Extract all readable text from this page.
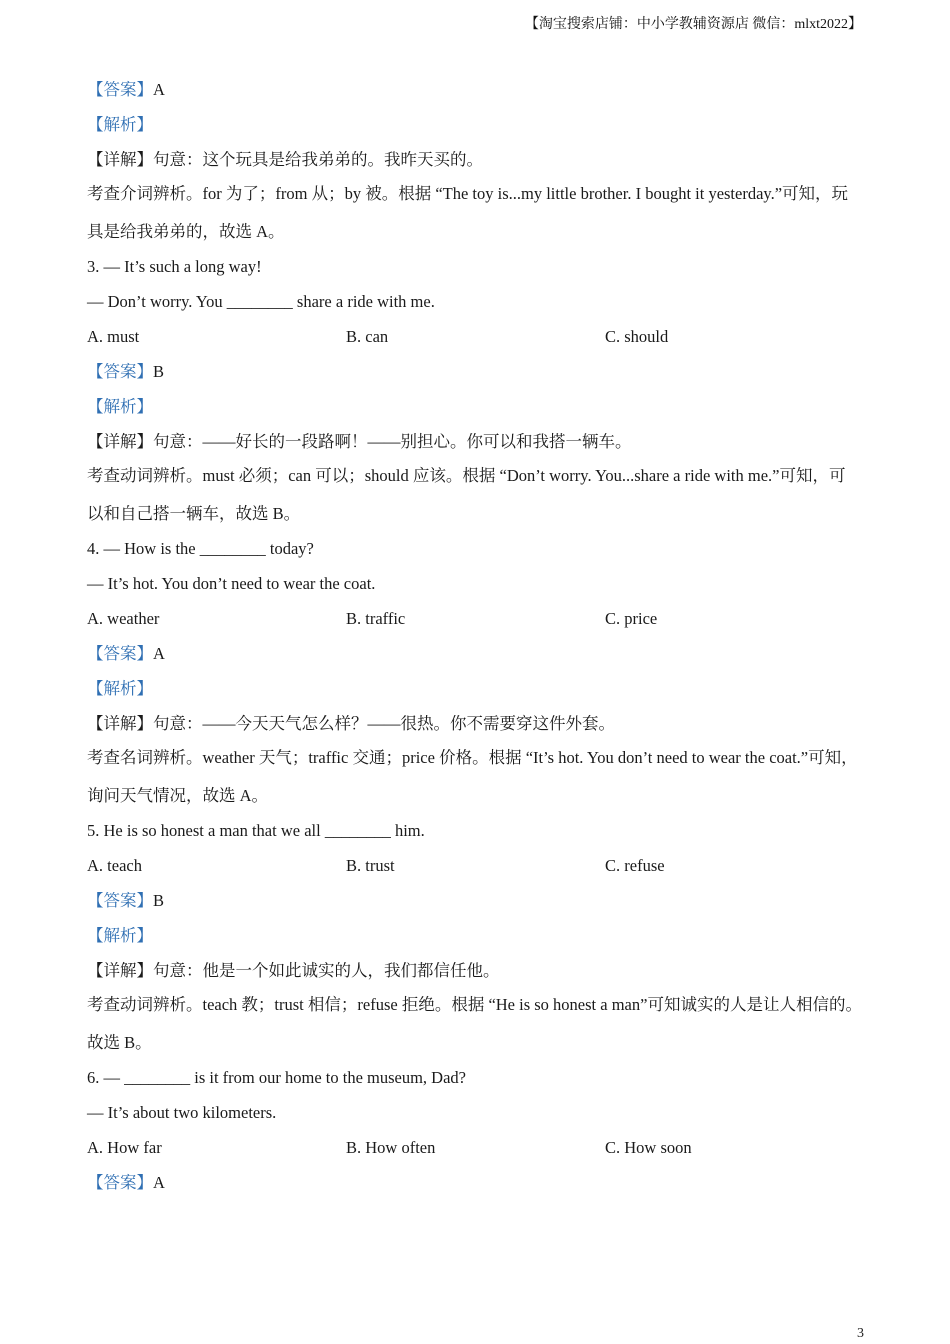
【淘宝搜索店铺：中小学教辅资源店 微信：mlxt2022】

【答案】A

【解析】

【详解】句意：这个玩具是给我弟弟的。我昨天买的。

考查介词辨析。for 为了；from 从；by 被。根据 “The toy is...my little brother. I bought it yesterday.”可知，玩

具是给我弟弟的，故选 A。

3. — It’s such a long way!

— Don’t worry. You ________ share a ride with me.

A. must	B. can	C. should

【答案】B

【解析】

【详解】句意：——好长的一段路啊！——别担心。你可以和我搭一辆车。

考查动词辨析。must 必须；can 可以；should 应该。根据 “Don’t worry. You...share a ride with me.”可知，可

以和自己搭一辆车，故选 B。

4. — How is the ________ today?

— It’s hot. You don’t need to wear the coat.

A. weather	B. traffic	C. price

【答案】A

【解析】

【详解】句意：——今天天气怎么样？——很热。你不需要穿这件外套。

考查名词辨析。weather 天气；traffic 交通；price 价格。根据 “It’s hot. You don’t need to wear the coat.”可知，

询问天气情况，故选 A。

5. He is so honest a man that we all ________ him.

A. teach	B. trust	C. refuse

【答案】B

【解析】

【详解】句意：他是一个如此诚实的人，我们都信任他。

考查动词辨析。teach 教；trust 相信；refuse 拒绝。根据 “He is so honest a man”可知诚实的人是让人相信的。

故选 B。

6. — ________ is it from our home to the museum, Dad?

— It’s about two kilometers.

A. How far	B. How often	C. How soon

【答案】A

3
